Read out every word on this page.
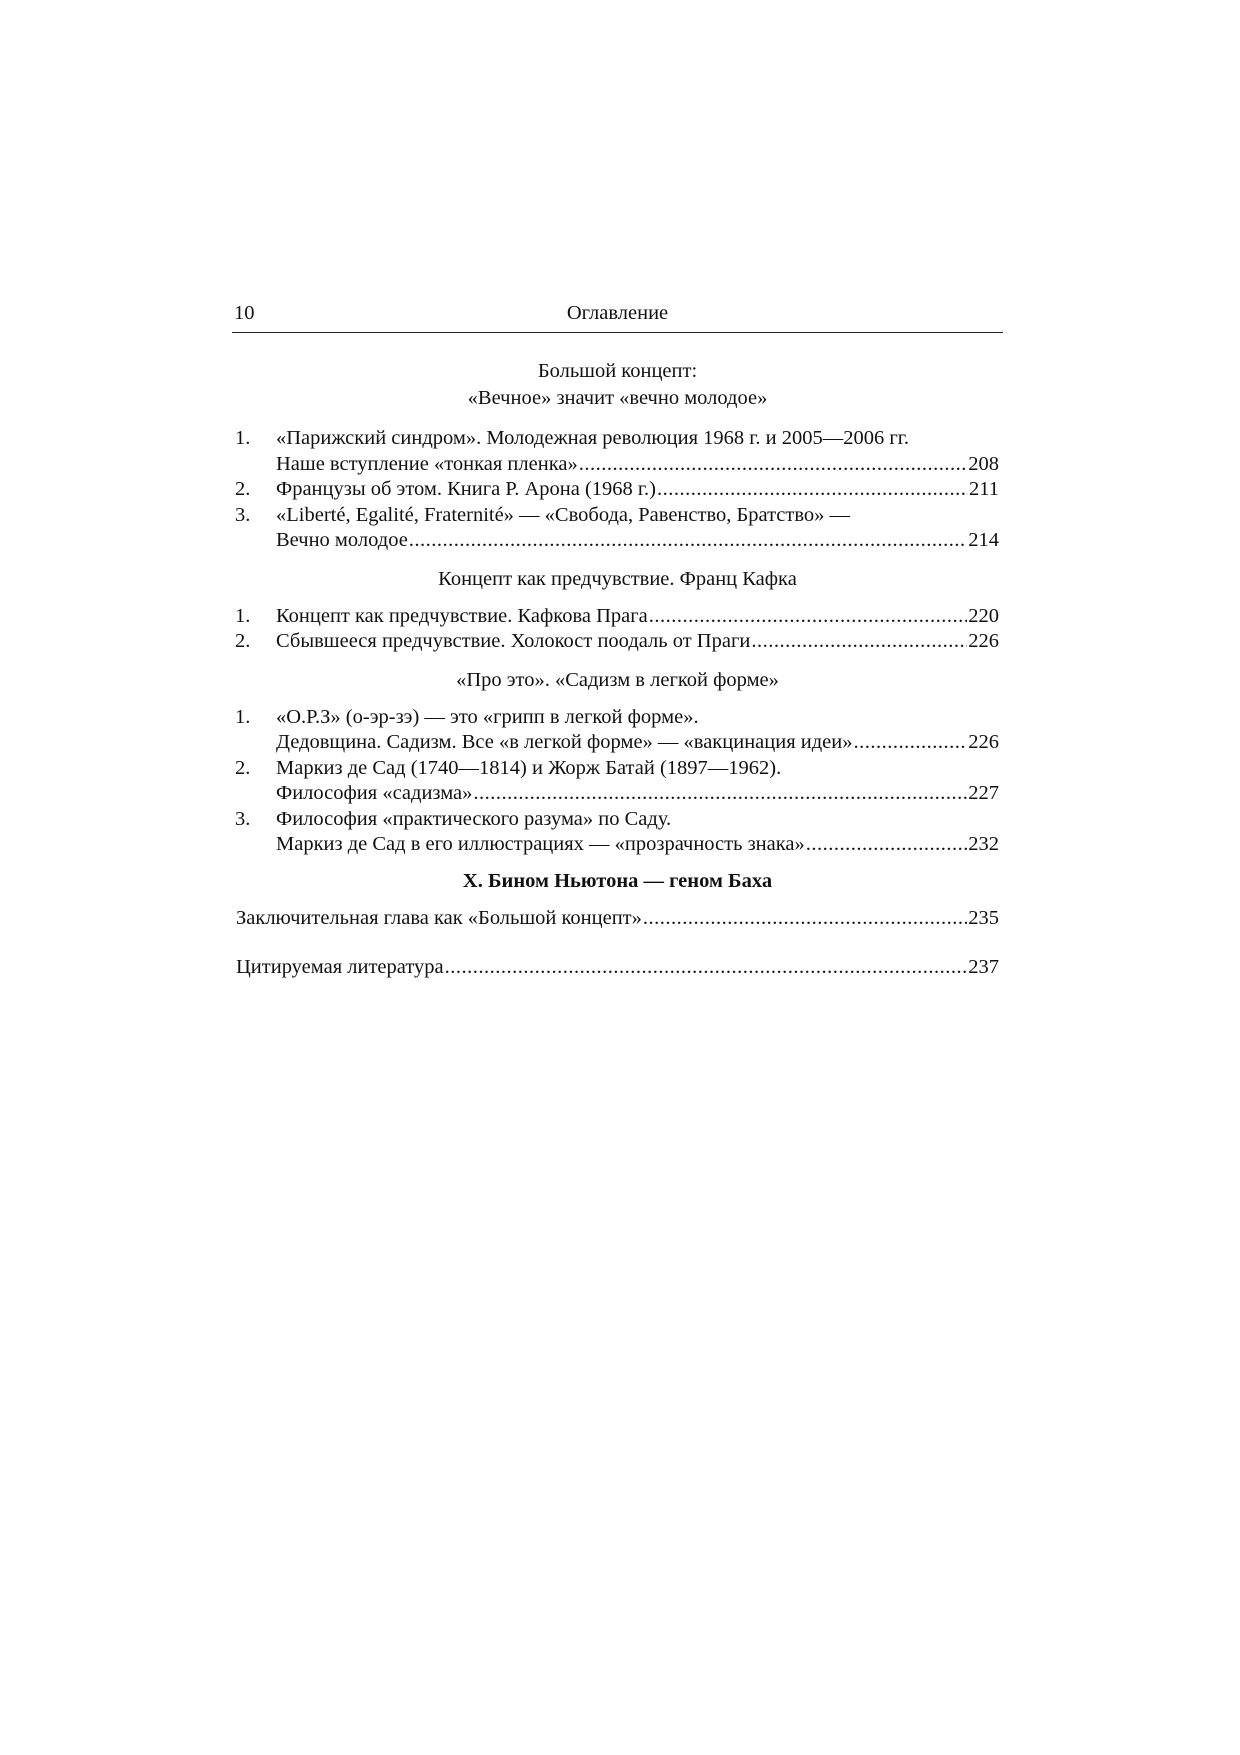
10	Оглавление
Большой концепт:
«Вечное» значит «вечно молодое»
1. «Парижский синдром». Молодежная революция 1968 г. и 2005—2006 гг.
Наше вступление «тонкая пленка» .....	208
2. Французы об этом. Книга Р. Арона (1968 г.) .....	211
3. «Liberté, Egalité, Fraternité» — «Свобода, Равенство, Братство» —
Вечно молодое .....	214
Концепт как предчувствие. Франц Кафка
1. Концепт как предчувствие. Кафкова Прага .....	220
2. Сбывшееся предчувствие. Холокост поодаль от Праги .....	226
«Про это». «Садизм в легкой форме»
1. «О.Р.З» (о-эр-зэ) — это «грипп в легкой форме».
Дедовщина. Садизм. Все «в легкой форме» — «вакцинация идеи» .....	226
2. Маркиз де Сад (1740—1814) и Жорж Батай (1897—1962).
Философия «садизма» .....	227
3. Философия «практического разума» по Саду.
Маркиз де Сад в его иллюстрациях — «прозрачность знака» .....	232
X. Бином Ньютона — геном Баха
Заключительная глава как «Большой концепт» .....	235
Цитируемая литература .....	237
